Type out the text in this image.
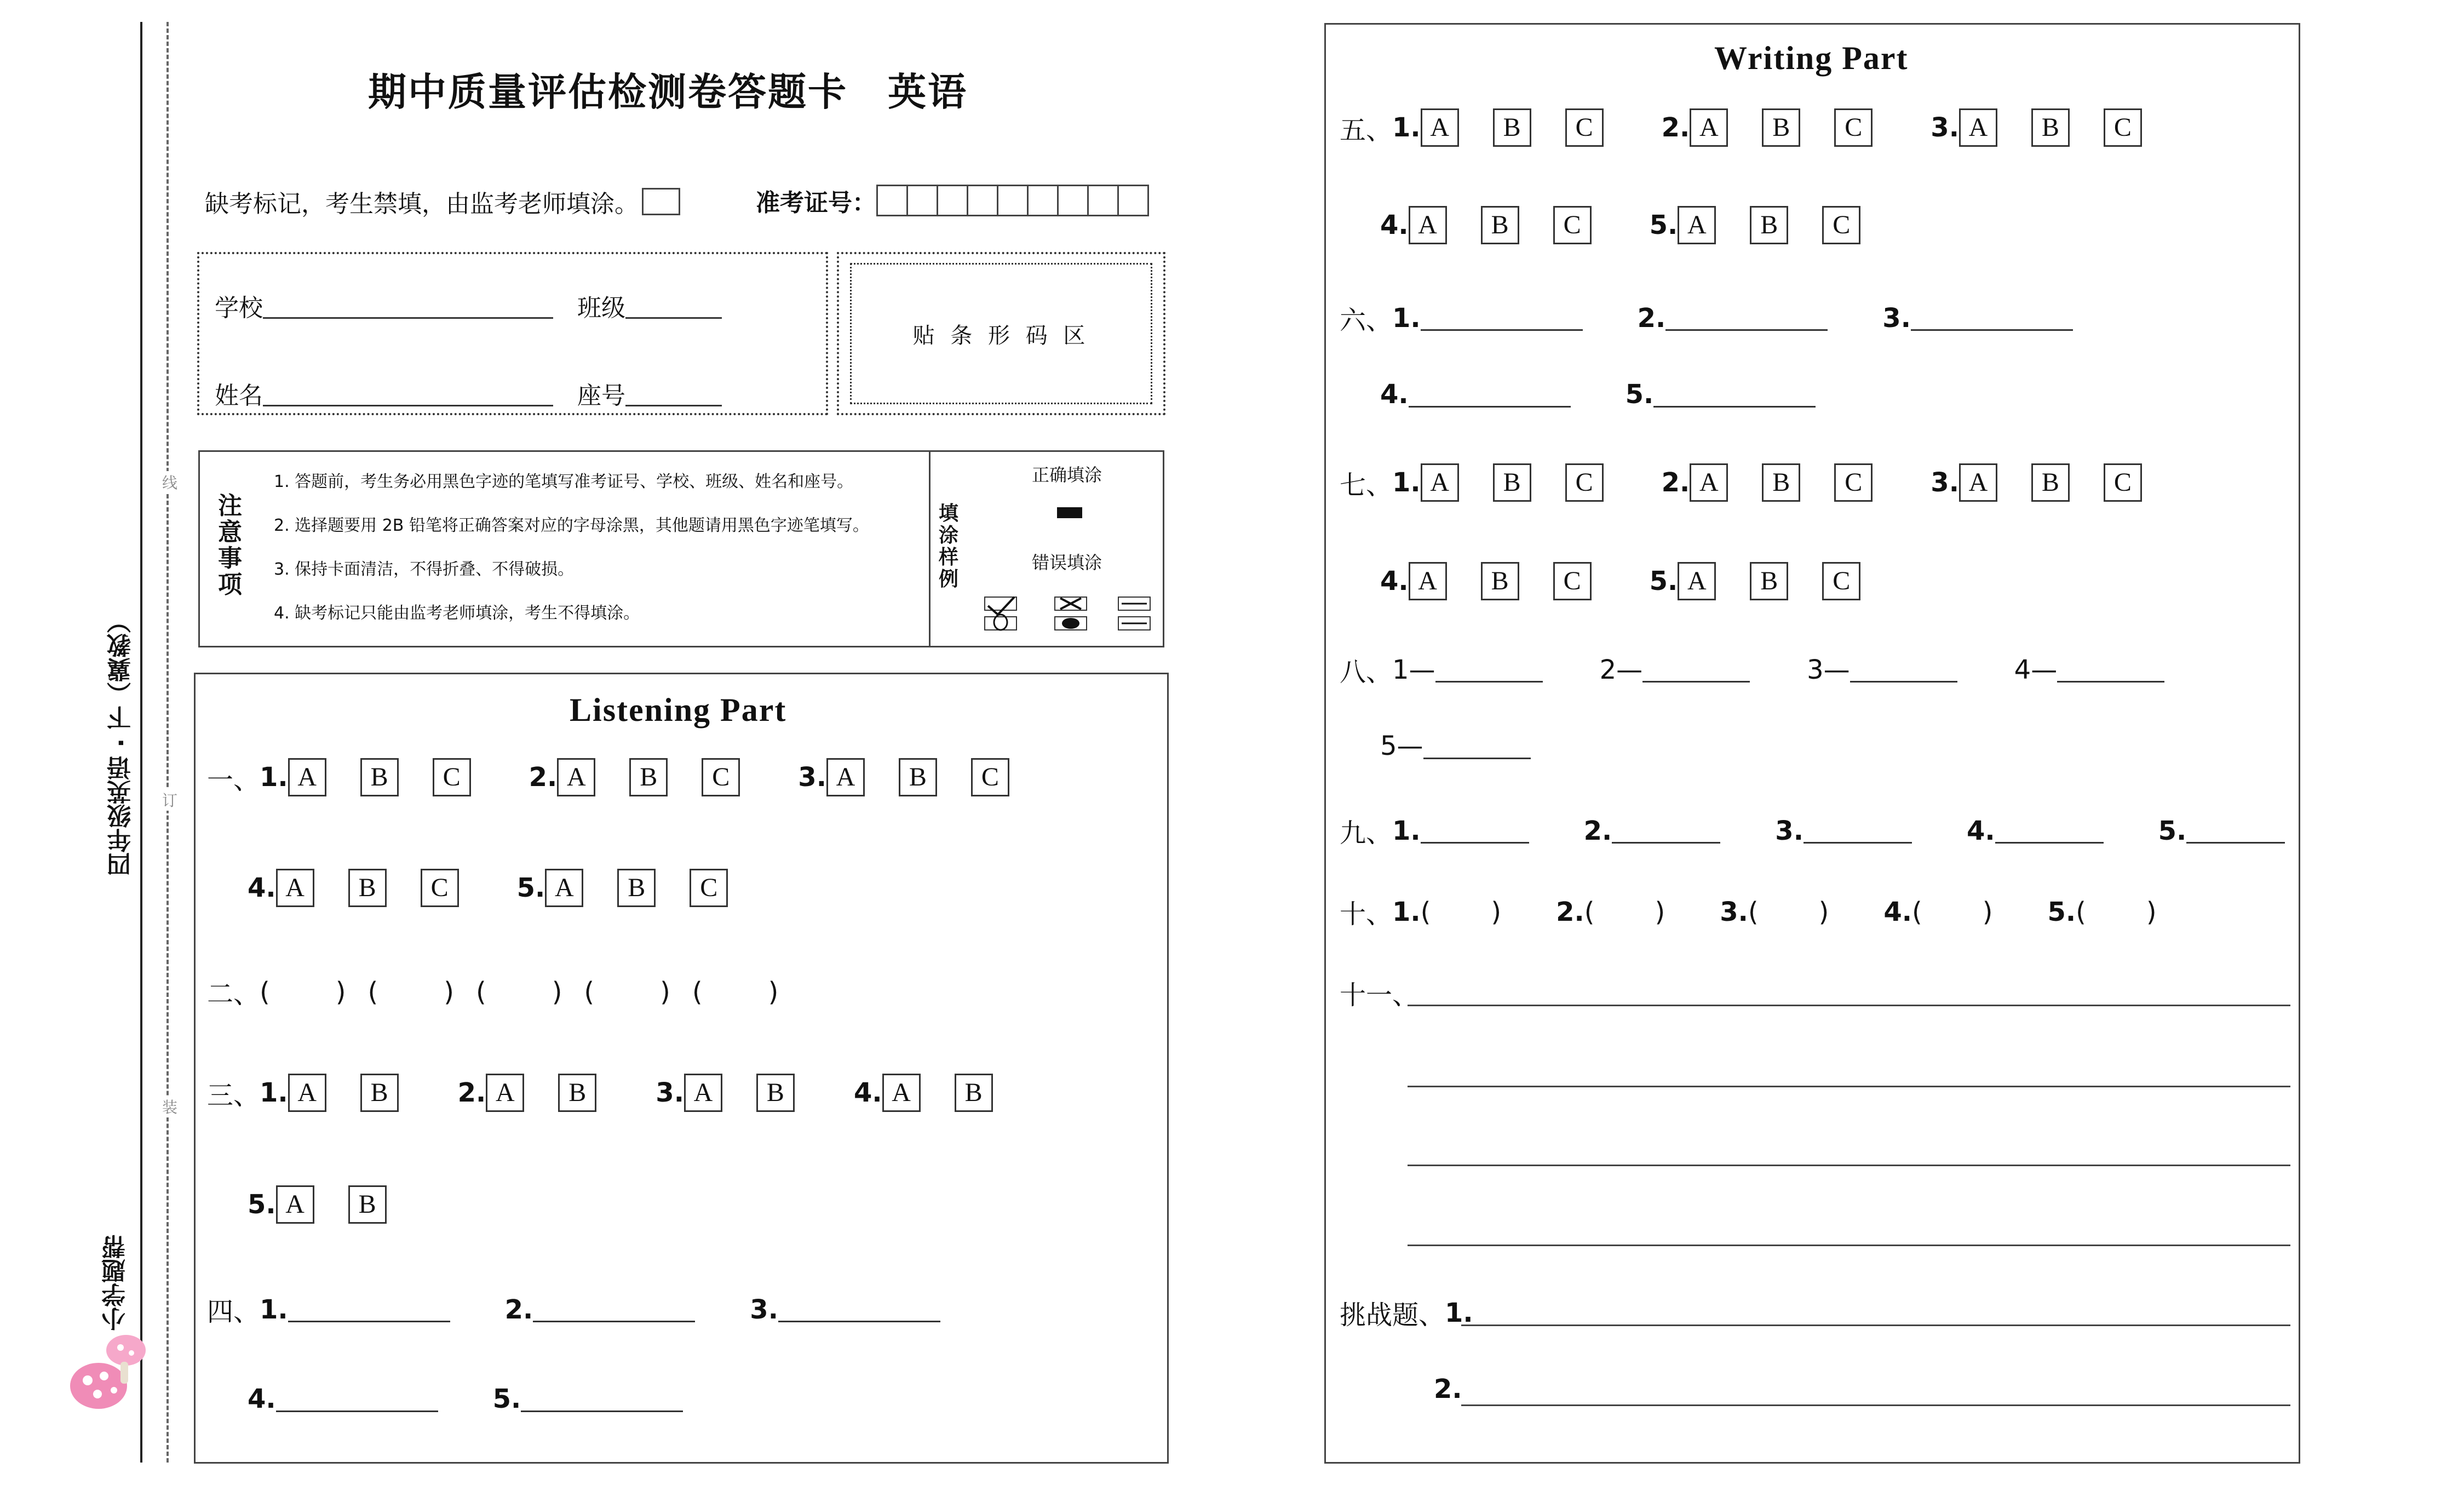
线
订
装
四年级英语 · 下（冀教）
小学题帮
期中质量评估检测卷答题卡　英语
缺考标记，考生禁填，由监考老师填涂。	准考证号：
学校	班级
姓名	座号
贴 条 形 码 区
注意事项
1. 答题前，考生务必用黑色字迹的笔填写准考证号、学校、班级、姓名和座号。
2. 选择题要用 2B 铅笔将正确答案对应的字母涂黑，其他题请用黑色字迹笔填写。
3. 保持卡面清洁，不得折叠、不得破损。
4. 缺考标记只能由监考老师填涂，考生不得填涂。
填涂样例
正确填涂
错误填涂
Listening Part
一、 1. A	B	C	2. A	B	C	3. A	B	C
4. A	B	C	5. A	B	C
二、 (	) (	) (	) (	) (	)
三、 1. A	B	2. A	B	3. A	B	4. A	B
5. A	B
四、 1.	2.	3.
4.	5.
Writing Part
五、 1. A	B	C	2. A	B	C	3. A	B	C
4. A	B	C	5. A	B	C
六、 1.	2.	3.
4.	5.
七、 1. A	B	C	2. A	B	C	3. A	B	C
4. A	B	C	5. A	B	C
八、 1—	2—	3—	4—
5—
九、 1.	2.	3.	4.	5.
十、 1. ( ) 2. ( ) 3. ( ) 4. ( ) 5. ( )
十一、
挑战题、 1.
2.
